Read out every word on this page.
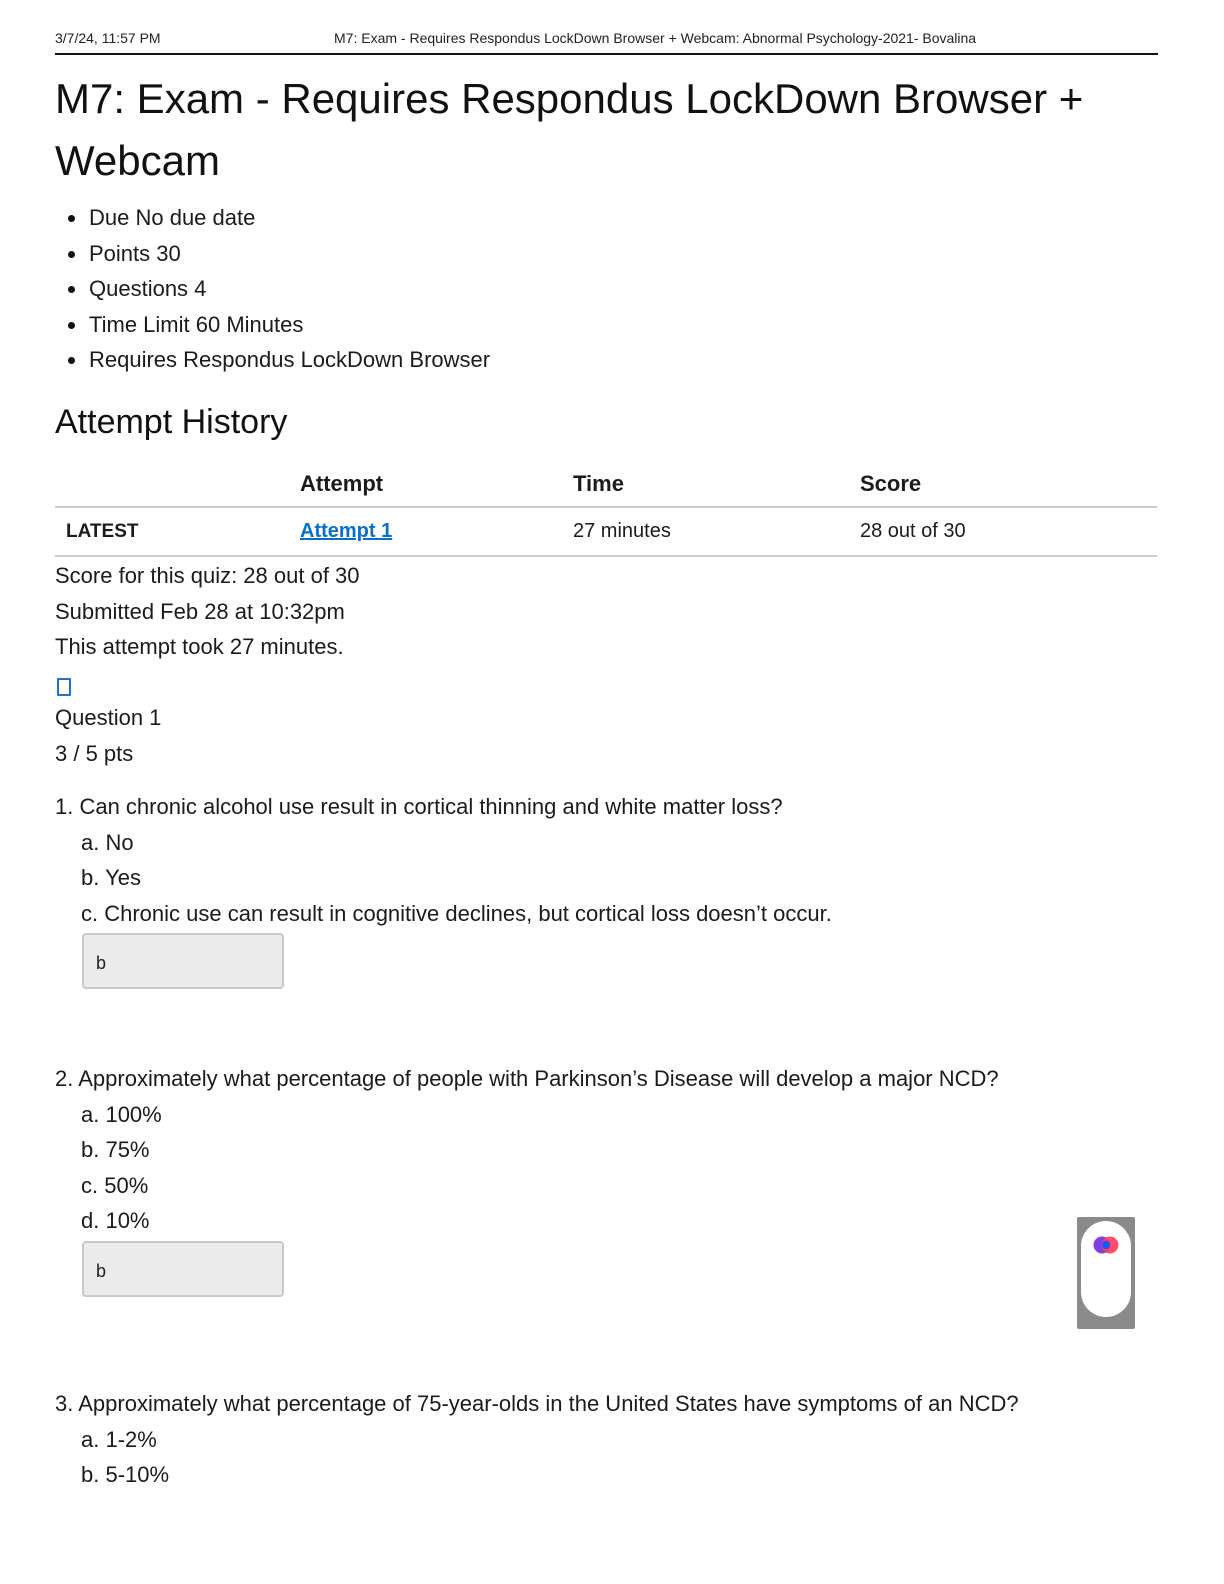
3/7/24, 11:57 PM	M7: Exam - Requires Respondus LockDown Browser + Webcam: Abnormal Psychology-2021- Bovalina
M7: Exam - Requires Respondus LockDown Browser + Webcam
Due No due date
Points 30
Questions 4
Time Limit 60 Minutes
Requires Respondus LockDown Browser
Attempt History
	Attempt	Time	Score
LATEST	Attempt 1	27 minutes	28 out of 30
Score for this quiz: 28 out of 30
Submitted Feb 28 at 10:32pm
This attempt took 27 minutes.
Question 1
3 / 5 pts
1. Can chronic alcohol use result in cortical thinning and white matter loss?
a. No
b. Yes
c. Chronic use can result in cognitive declines, but cortical loss doesn’t occur.
b
2. Approximately what percentage of people with Parkinson’s Disease will develop a major NCD?
a. 100%
b. 75%
c. 50%
d. 10%
b
3. Approximately what percentage of 75-year-olds in the United States have symptoms of an NCD?
a. 1-2%
b. 5-10%
